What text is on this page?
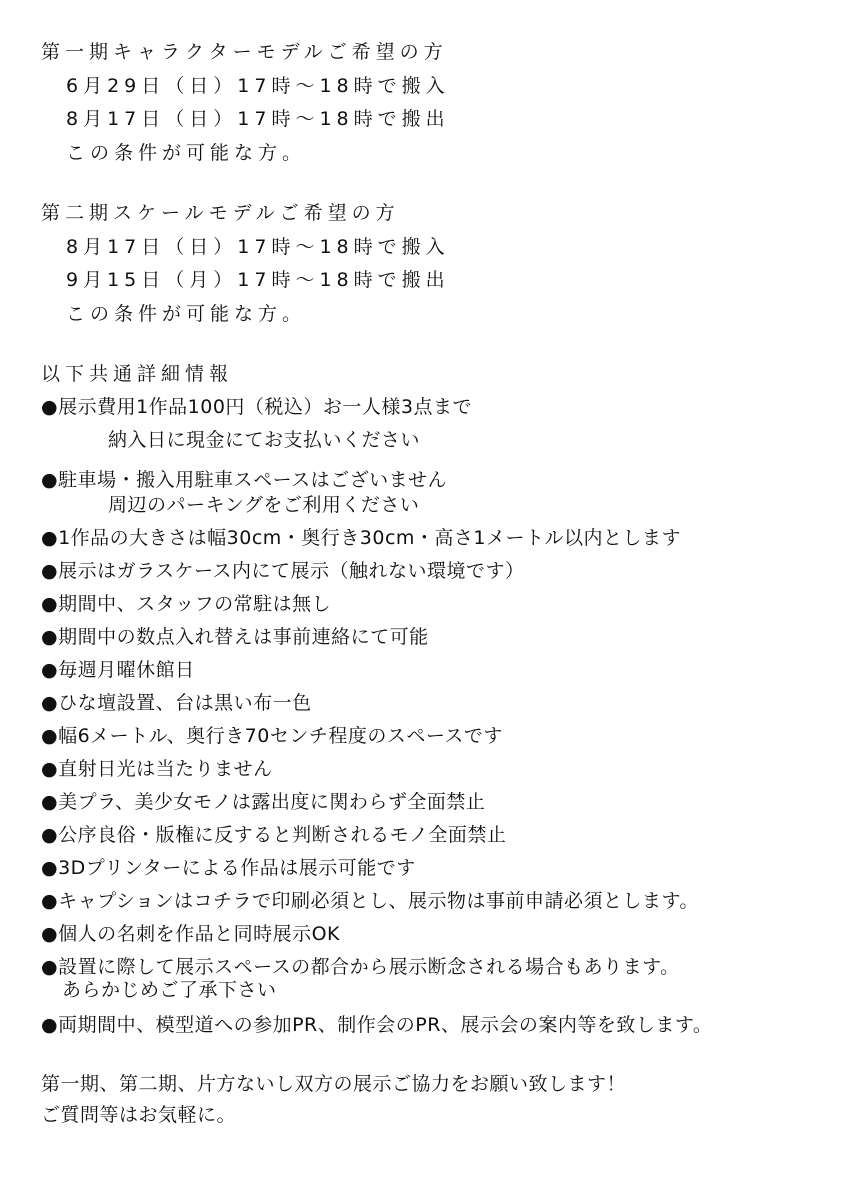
第一期キャラクターモデルご希望の方
6月29日（日）17時～18時で搬入
8月17日（日）17時～18時で搬出
この条件が可能な方。
第二期スケールモデルご希望の方
8月17日（日）17時～18時で搬入
9月15日（月）17時～18時で搬出
この条件が可能な方。
以下共通詳細情報
●展示費用1作品100円（税込）お一人様3点まで
納入日に現金にてお支払いください
●駐車場・搬入用駐車スペースはございません
周辺のパーキングをご利用ください
●1作品の大きさは幅30cm・奥行き30cm・高さ1メートル以内とします
●展示はガラスケース内にて展示（触れない環境です）
●期間中、スタッフの常駐は無し
●期間中の数点入れ替えは事前連絡にて可能
●毎週月曜休館日
●ひな壇設置、台は黒い布一色
●幅6メートル、奥行き70センチ程度のスペースです
●直射日光は当たりません
●美プラ、美少女モノは露出度に関わらず全面禁止
●公序良俗・版権に反すると判断されるモノ全面禁止
●3Dプリンターによる作品は展示可能です
●キャプションはコチラで印刷必須とし、展示物は事前申請必須とします。
●個人の名刺を作品と同時展示OK
●設置に際して展示スペースの都合から展示断念される場合もあります。
あらかじめご了承下さい
●両期間中、模型道への参加PR、制作会のPR、展示会の案内等を致します。
第一期、第二期、片方ないし双方の展示ご協力をお願い致します！
ご質問等はお気軽に。
